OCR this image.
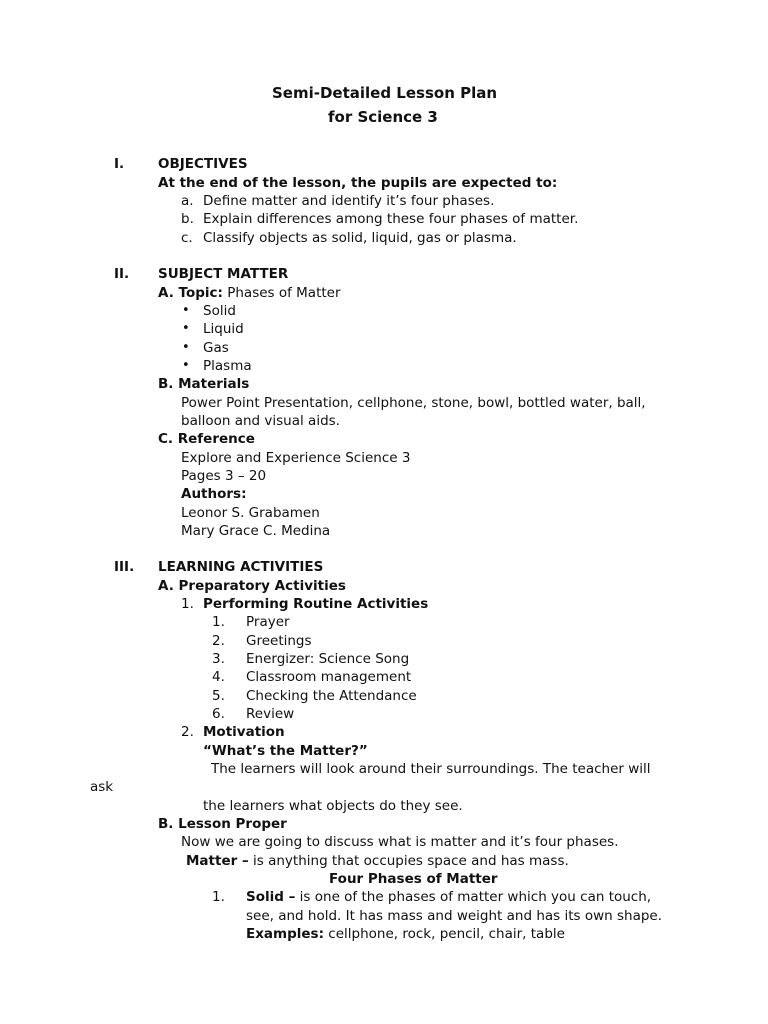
Semi-Detailed Lesson Plan
for Science 3
I.	OBJECTIVES
At the end of the lesson, the pupils are expected to:
a. Define matter and identify it’s four phases.
b. Explain differences among these four phases of matter.
c. Classify objects as solid, liquid, gas or plasma.
II. SUBJECT MATTER
A. Topic: Phases of Matter
• Solid
• Liquid
• Gas
• Plasma
B. Materials
Power Point Presentation, cellphone, stone, bowl, bottled water, ball,
balloon and visual aids.
C. Reference
Explore and Experience Science 3
Pages 3 – 20
Authors:
Leonor S. Grabamen
Mary Grace C. Medina
III. LEARNING ACTIVITIES
A. Preparatory Activities
1. Performing Routine Activities
1. Prayer
2. Greetings
3. Energizer: Science Song
4. Classroom management
5. Checking the Attendance
6. Review
2. Motivation
“What’s the Matter?”
The learners will look around their surroundings. The teacher will
ask
the learners what objects do they see.
B. Lesson Proper
Now we are going to discuss what is matter and it’s four phases.
Matter – is anything that occupies space and has mass.
Four Phases of Matter
1. Solid – is one of the phases of matter which you can touch,
see, and hold. It has mass and weight and has its own shape.
Examples: cellphone, rock, pencil, chair, table
